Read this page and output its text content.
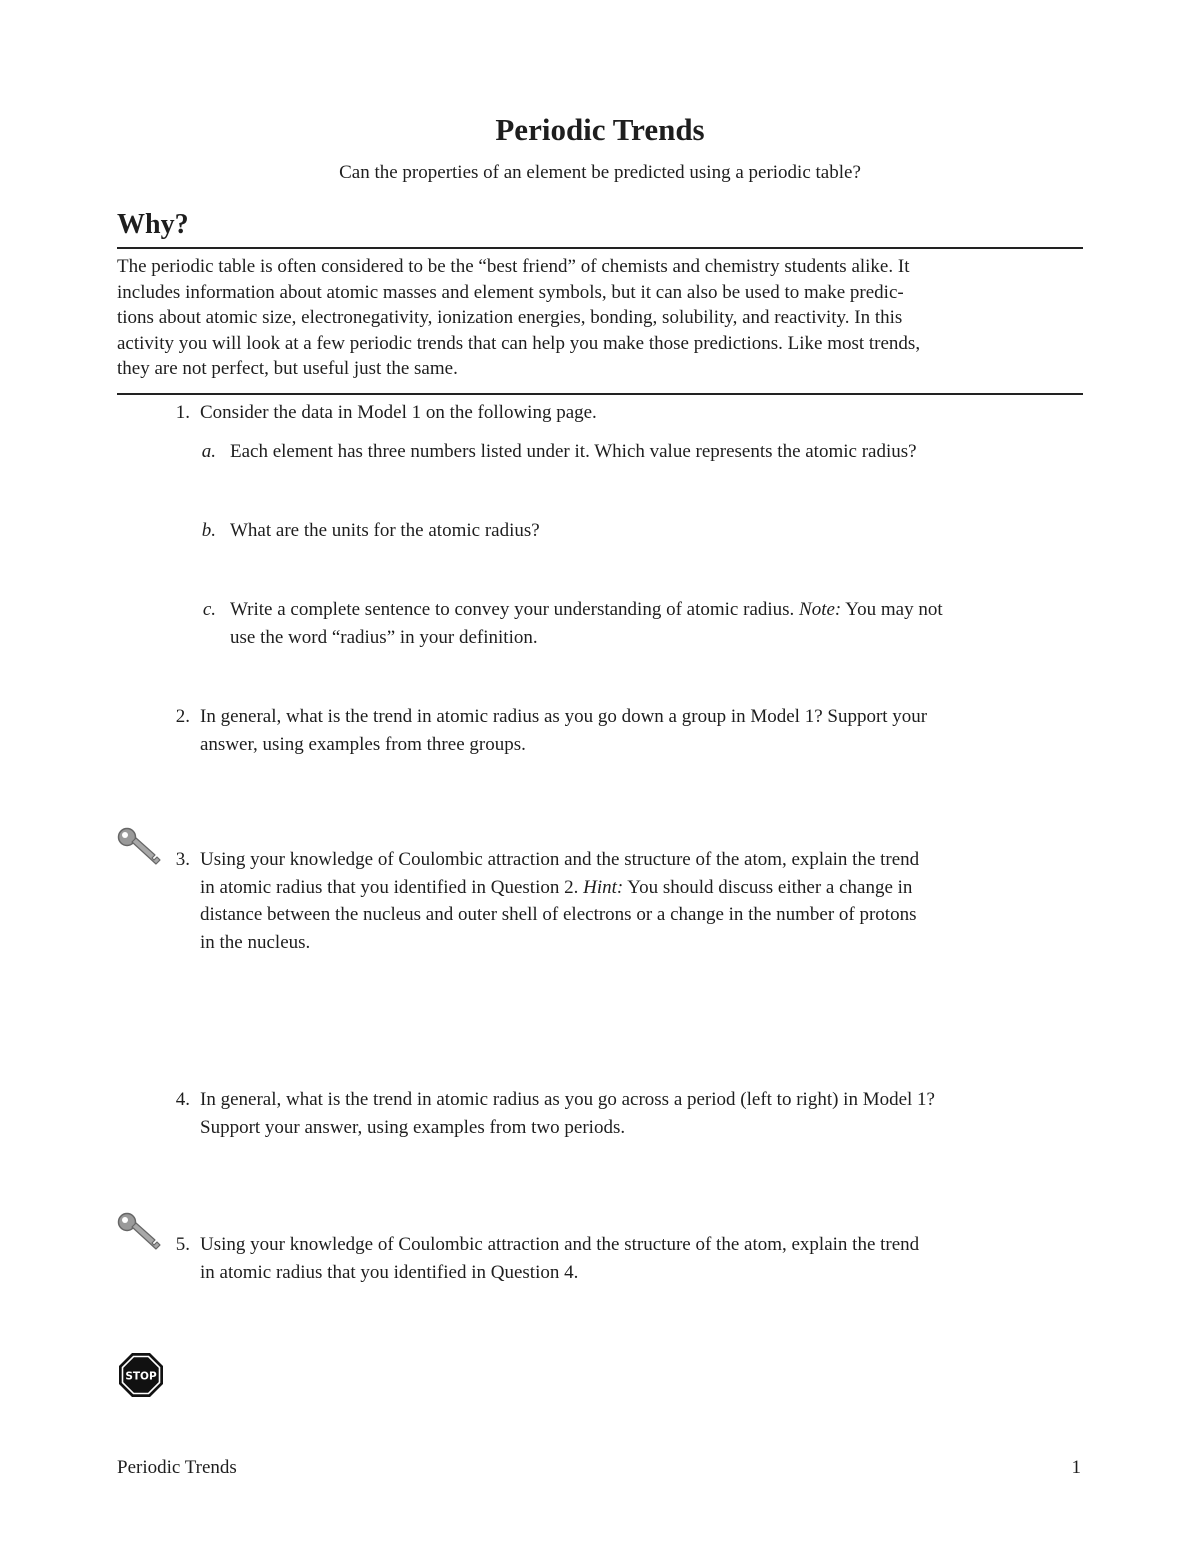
Periodic Trends

Can the properties of an element be predicted using a periodic table?

Why?

The periodic table is often considered to be the “best friend” of chemists and chemistry students alike. It
includes information about atomic masses and element symbols, but it can also be used to make predic-
tions about atomic size, electronegativity, ionization energies, bonding, solubility, and reactivity. In this
activity you will look at a few periodic trends that can help you make those predictions. Like most trends,
they are not perfect, but useful just the same.

1. Consider the data in Model 1 on the following page.

a. Each element has three numbers listed under it. Which value represents the atomic radius?

b. What are the units for the atomic radius?

c. Write a complete sentence to convey your understanding of atomic radius. Note: You may not
use the word “radius” in your definition.

2. In general, what is the trend in atomic radius as you go down a group in Model 1? Support your
answer, using examples from three groups.

3. Using your knowledge of Coulombic attraction and the structure of the atom, explain the trend
in atomic radius that you identified in Question 2. Hint: You should discuss either a change in
distance between the nucleus and outer shell of electrons or a change in the number of protons
in the nucleus.

4. In general, what is the trend in atomic radius as you go across a period (left to right) in Model 1?
Support your answer, using examples from two periods.

5. Using your knowledge of Coulombic attraction and the structure of the atom, explain the trend
in atomic radius that you identified in Question 4.

STOP
Periodic Trends	1
